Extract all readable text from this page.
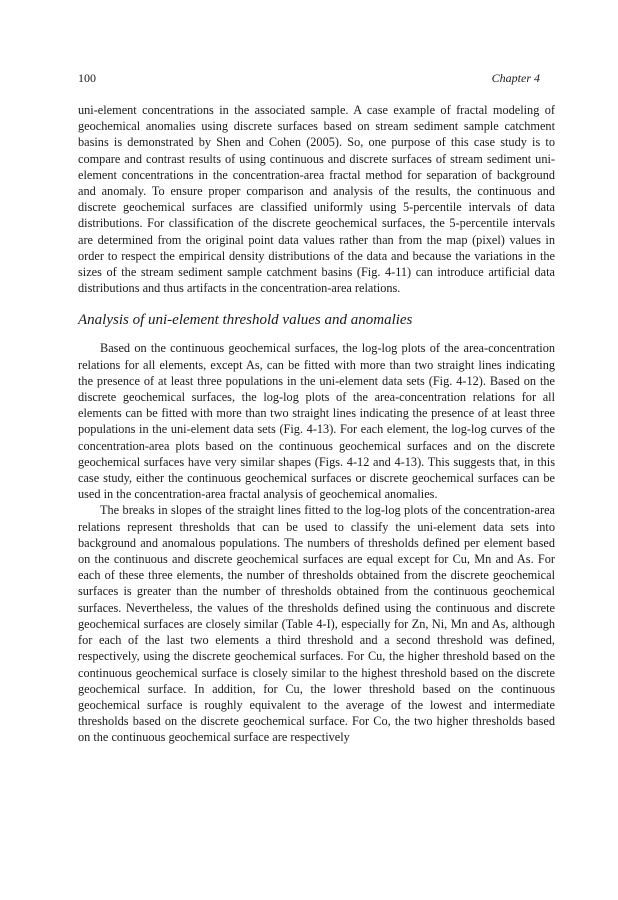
100	Chapter 4

uni-element concentrations in the associated sample. A case example of fractal modeling of geochemical anomalies using discrete surfaces based on stream sediment sample catchment basins is demonstrated by Shen and Cohen (2005). So, one purpose of this case study is to compare and contrast results of using continuous and discrete surfaces of stream sediment uni-element concentrations in the concentration-area fractal method for separation of background and anomaly. To ensure proper comparison and analysis of the results, the continuous and discrete geochemical surfaces are classified uniformly using 5-percentile intervals of data distributions. For classification of the discrete geochemical surfaces, the 5-percentile intervals are determined from the original point data values rather than from the map (pixel) values in order to respect the empirical density distributions of the data and because the variations in the sizes of the stream sediment sample catchment basins (Fig. 4-11) can introduce artificial data distributions and thus artifacts in the concentration-area relations.

Analysis of uni-element threshold values and anomalies

Based on the continuous geochemical surfaces, the log-log plots of the area-concentration relations for all elements, except As, can be fitted with more than two straight lines indicating the presence of at least three populations in the uni-element data sets (Fig. 4-12). Based on the discrete geochemical surfaces, the log-log plots of the area-concentration relations for all elements can be fitted with more than two straight lines indicating the presence of at least three populations in the uni-element data sets (Fig. 4-13). For each element, the log-log curves of the concentration-area plots based on the continuous geochemical surfaces and on the discrete geochemical surfaces have very similar shapes (Figs. 4-12 and 4-13). This suggests that, in this case study, either the continuous geochemical surfaces or discrete geochemical surfaces can be used in the concentration-area fractal analysis of geochemical anomalies.

The breaks in slopes of the straight lines fitted to the log-log plots of the concentration-area relations represent thresholds that can be used to classify the uni-element data sets into background and anomalous populations. The numbers of thresholds defined per element based on the continuous and discrete geochemical surfaces are equal except for Cu, Mn and As. For each of these three elements, the number of thresholds obtained from the discrete geochemical surfaces is greater than the number of thresholds obtained from the continuous geochemical surfaces. Nevertheless, the values of the thresholds defined using the continuous and discrete geochemical surfaces are closely similar (Table 4-I), especially for Zn, Ni, Mn and As, although for each of the last two elements a third threshold and a second threshold was defined, respectively, using the discrete geochemical surfaces. For Cu, the higher threshold based on the continuous geochemical surface is closely similar to the highest threshold based on the discrete geochemical surface. In addition, for Cu, the lower threshold based on the continuous geochemical surface is roughly equivalent to the average of the lowest and intermediate thresholds based on the discrete geochemical surface. For Co, the two higher thresholds based on the continuous geochemical surface are respectively
